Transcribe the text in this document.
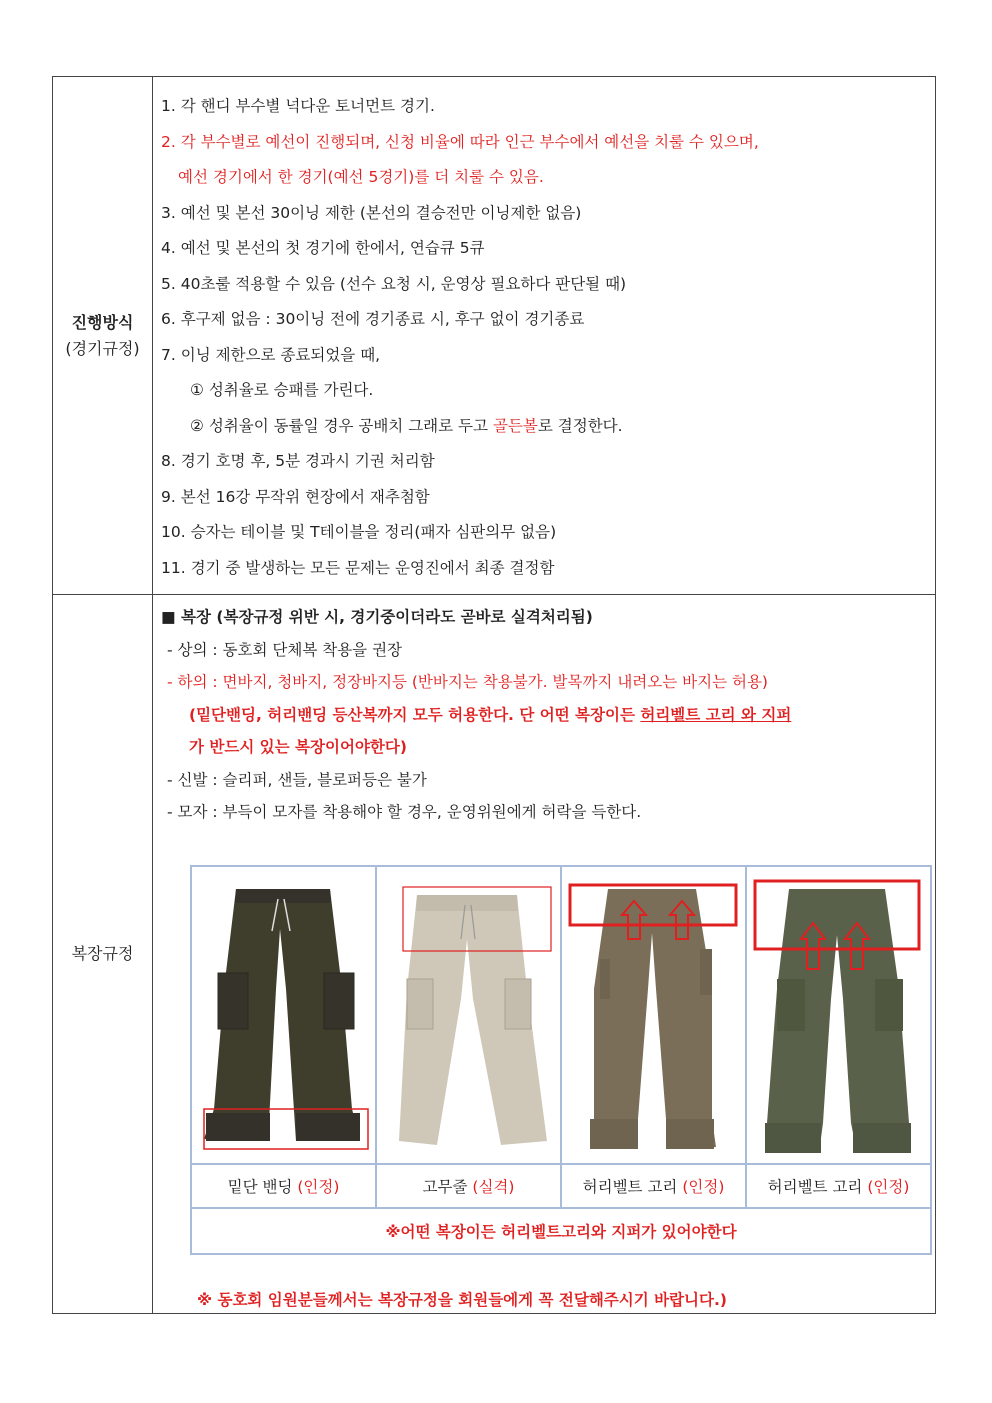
진행방식
(경기규정)

1. 각 핸디 부수별 넉다운 토너먼트 경기.
2. 각 부수별로 예선이 진행되며, 신청 비율에 따라 인근 부수에서 예선을 치룰 수 있으며,
예선 경기에서 한 경기(예선 5경기)를 더 치룰 수 있음.
3. 예선 및 본선 30이닝 제한 (본선의 결승전만 이닝제한 없음)
4. 예선 및 본선의 첫 경기에 한에서, 연습큐 5큐
5. 40초룰 적용할 수 있음 (선수 요청 시, 운영상 필요하다 판단될 때)
6. 후구제 없음 : 30이닝 전에 경기종료 시, 후구 없이 경기종료
7. 이닝 제한으로 종료되었을 때,
① 성취율로 승패를 가린다.
② 성취율이 동률일 경우 공배치 그래로 두고 골든볼로 결정한다.
8. 경기 호명 후, 5분 경과시 기권 처리함
9. 본선 16강 무작위 현장에서 재추첨함
10. 승자는 테이블 및 T테이블을 정리(패자 심판의무 없음)
11. 경기 중 발생하는 모든 문제는 운영진에서 최종 결정함

복장규정

■ 복장 (복장규정 위반 시, 경기중이더라도 곧바로 실격처리됨)
- 상의 : 동호회 단체복 착용을 권장
- 하의 : 면바지, 청바지, 정장바지등 (반바지는 착용불가. 발목까지 내려오는 바지는 허용)
(밑단밴딩, 허리밴딩 등산복까지 모두 허용한다. 단 어떤 복장이든 허리벨트 고리 와 지퍼
가 반드시 있는 복장이어야한다)
- 신발 : 슬리퍼, 샌들, 블로퍼등은 불가
- 모자 : 부득이 모자를 착용해야 할 경우, 운영위원에게 허락을 득한다.

밑단 밴딩 (인정)	고무줄 (실격)	허리벨트 고리 (인정)	허리벨트 고리 (인정)
※어떤 복장이든 허리벨트고리와 지퍼가 있어야한다
※ 동호회 임원분들께서는 복장규정을 회원들에게 꼭 전달해주시기 바랍니다.)
